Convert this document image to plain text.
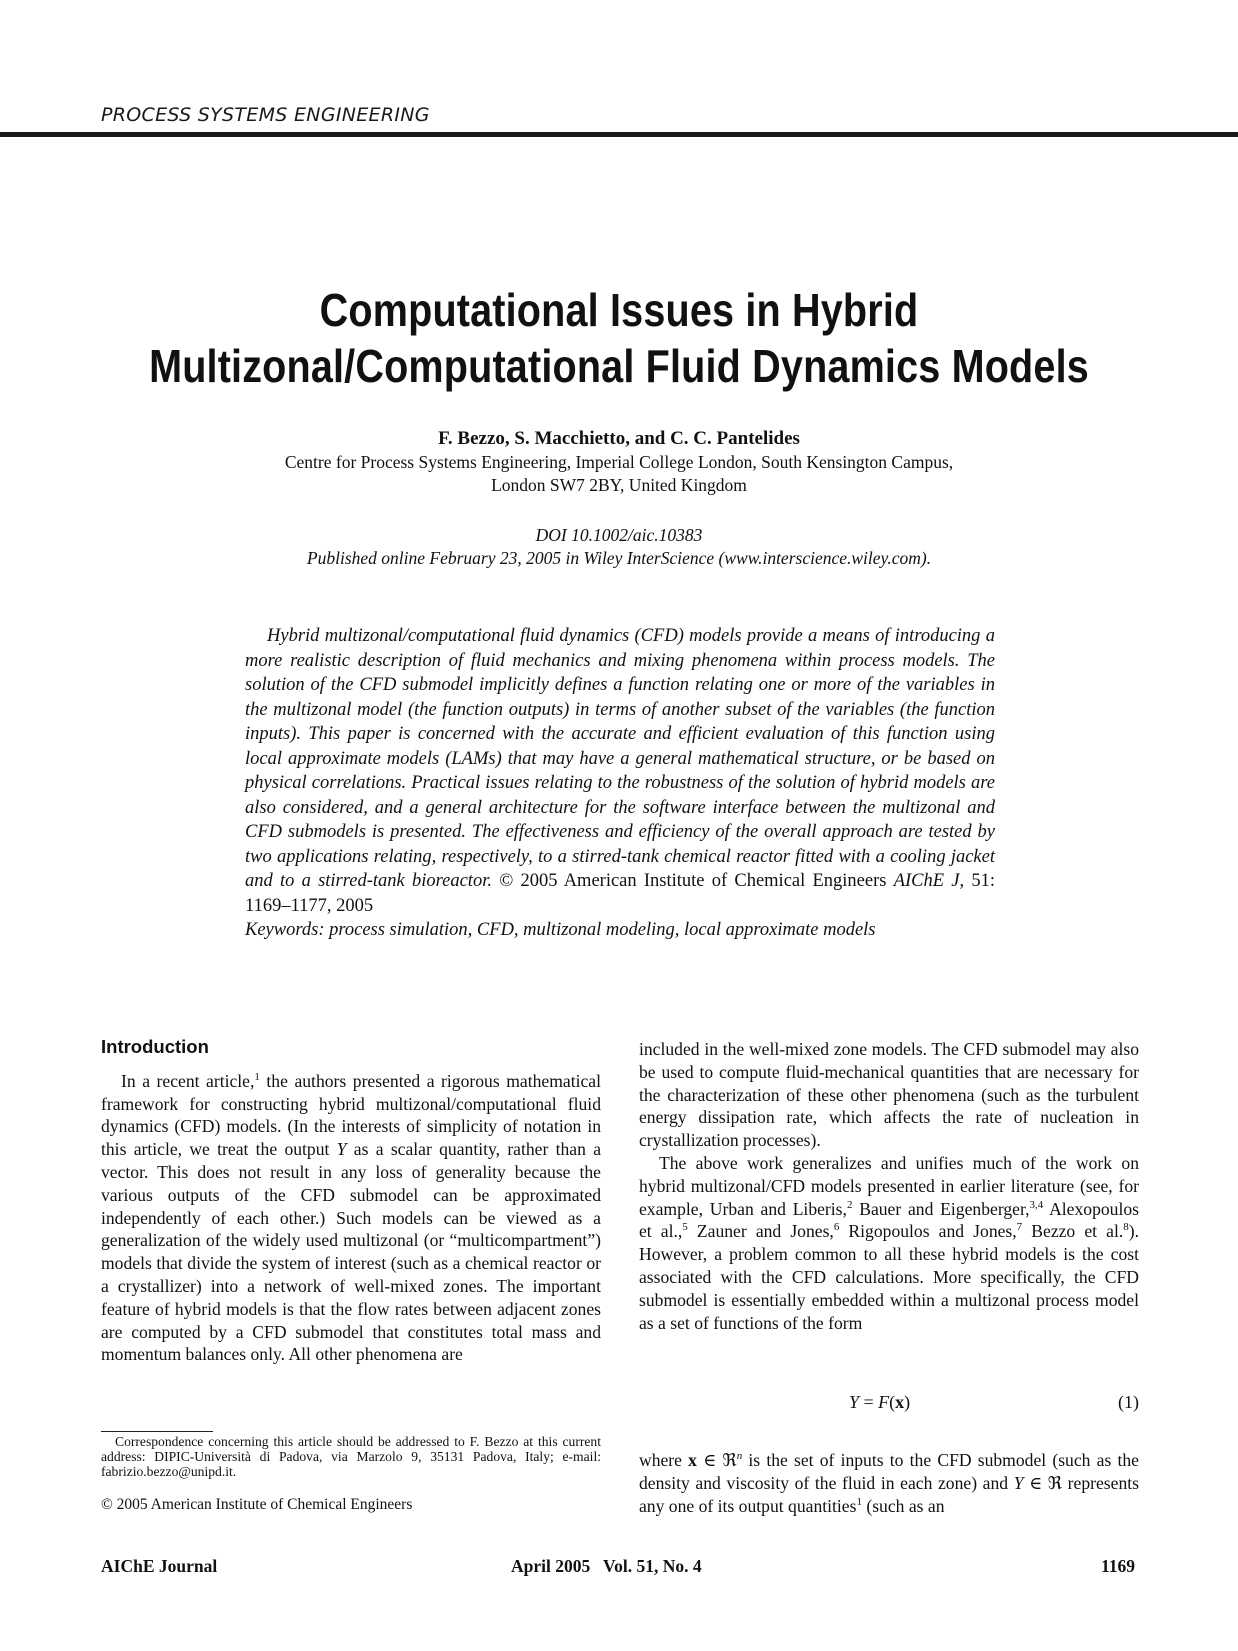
PROCESS SYSTEMS ENGINEERING
Computational Issues in Hybrid
Multizonal/Computational Fluid Dynamics Models
F. Bezzo, S. Macchietto, and C. C. Pantelides
Centre for Process Systems Engineering, Imperial College London, South Kensington Campus,
London SW7 2BY, United Kingdom
DOI 10.1002/aic.10383
Published online February 23, 2005 in Wiley InterScience (www.interscience.wiley.com).
Hybrid multizonal/computational fluid dynamics (CFD) models provide a means of introducing a more realistic description of fluid mechanics and mixing phenomena within process models. The solution of the CFD submodel implicitly defines a function relating one or more of the variables in the multizonal model (the function outputs) in terms of another subset of the variables (the function inputs). This paper is concerned with the accurate and efficient evaluation of this function using local approximate models (LAMs) that may have a general mathematical structure, or be based on physical correlations. Practical issues relating to the robustness of the solution of hybrid models are also considered, and a general architecture for the software interface between the multizonal and CFD submodels is presented. The effectiveness and efficiency of the overall approach are tested by two applications relating, respectively, to a stirred-tank chemical reactor fitted with a cooling jacket and to a stirred-tank bioreactor. © 2005 American Institute of Chemical Engineers AIChE J, 51: 1169–1177, 2005
Keywords: process simulation, CFD, multizonal modeling, local approximate models
Introduction

In a recent article,$^1$ the authors presented a rigorous mathematical framework for constructing hybrid multizonal/computational fluid dynamics (CFD) models. (In the interests of simplicity of notation in this article, we treat the output Y as a scalar quantity, rather than a vector. This does not result in any loss of generality because the various outputs of the CFD submodel can be approximated independently of each other.) Such models can be viewed as a generalization of the widely used multizonal (or “multicompartment”) models that divide the system of interest (such as a chemical reactor or a crystallizer) into a network of well-mixed zones. The important feature of hybrid models is that the flow rates between adjacent zones are computed by a CFD submodel that constitutes total mass and momentum balances only. All other phenomena are

included in the well-mixed zone models. The CFD submodel may also be used to compute fluid-mechanical quantities that are necessary for the characterization of these other phenomena (such as the turbulent energy dissipation rate, which affects the rate of nucleation in crystallization processes).

The above work generalizes and unifies much of the work on hybrid multizonal/CFD models presented in earlier literature (see, for example, Urban and Liberis,$^2$ Bauer and Eigenberger,$^{3,4}$ Alexopoulos et al.,$^5$ Zauner and Jones,$^6$ Rigopoulos and Jones,$^7$ Bezzo et al.$^8$). However, a problem common to all these hybrid models is the cost associated with the CFD calculations. More specifically, the CFD submodel is essentially embedded within a multizonal process model as a set of functions of the form

Y = F(x)	(1)
where x ∈ ℜ$^n$ is the set of inputs to the CFD submodel (such as the density and viscosity of the fluid in each zone) and Y ∈ ℜ represents any one of its output quantities$^1$ (such as an
Correspondence concerning this article should be addressed to F. Bezzo at this current address: DIPIC-Università di Padova, via Marzolo 9, 35131 Padova, Italy; e-mail: fabrizio.bezzo@unipd.it.
© 2005 American Institute of Chemical Engineers
AIChE Journal	April 2005   Vol. 51, No. 4	1169
